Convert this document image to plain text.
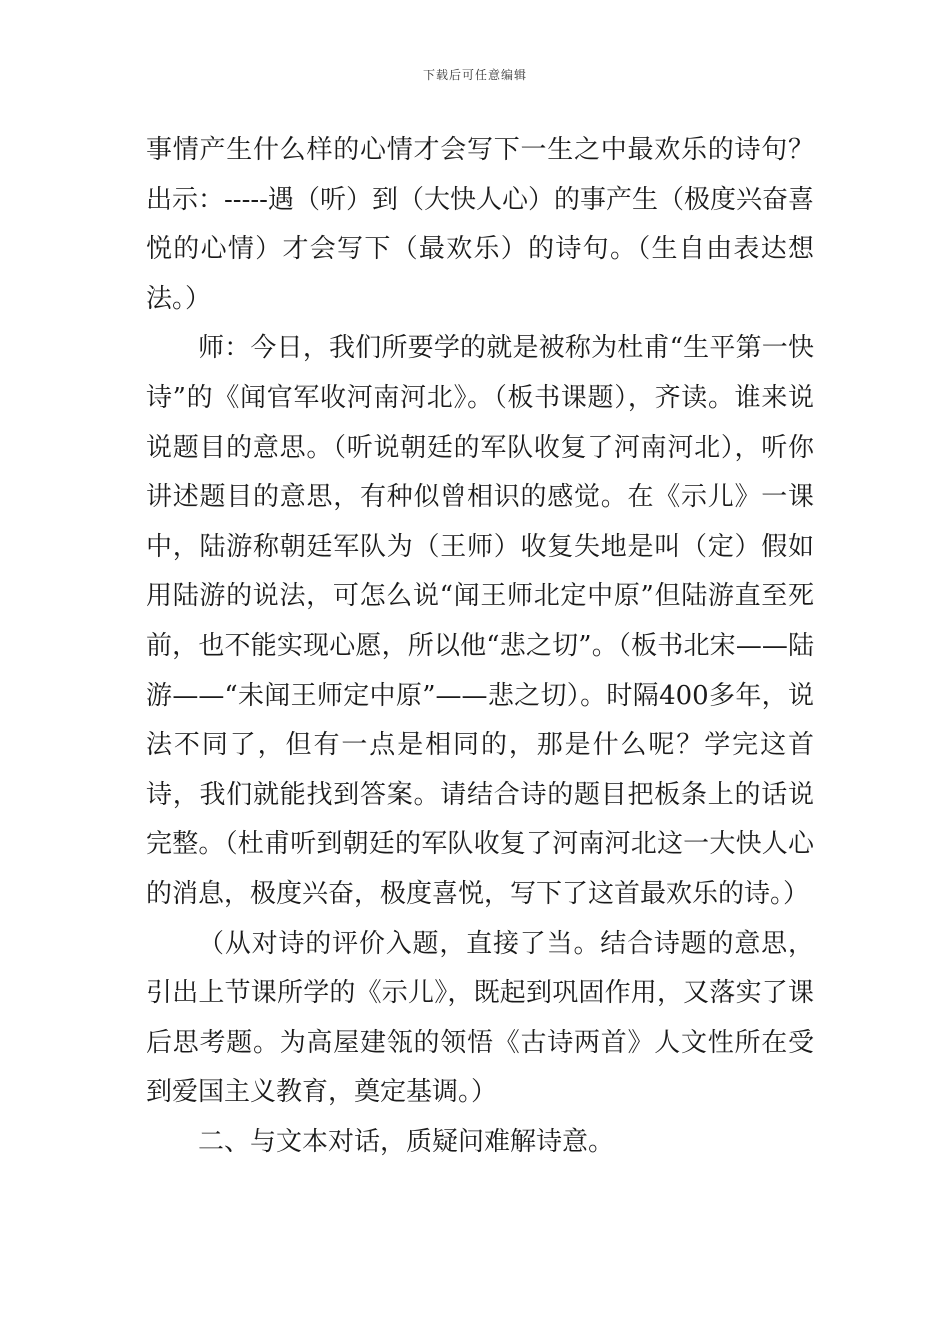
下载后可任意编辑

事情产生什么样的心情才会写下一生之中最欢乐的诗句？出示：-----遇（听）到（大快人心）的事产生（极度兴奋喜悦的心情）才会写下（最欢乐）的诗句。（生自由表达想法。）

师：今日，我们所要学的就是被称为杜甫“生平第一快诗”的《闻官军收河南河北》。（板书课题），齐读。谁来说说题目的意思。（听说朝廷的军队收复了河南河北），听你讲述题目的意思，有种似曾相识的感觉。在《示儿》一课中，陆游称朝廷军队为（王师）收复失地是叫（定）假如用陆游的说法，可怎么说“闻王师北定中原”但陆游直至死前，也不能实现心愿，所以他“悲之切”。（板书北宋——陆游——“未闻王师定中原”——悲之切）。时隔400多年，说法不同了，但有一点是相同的，那是什么呢？学完这首诗，我们就能找到答案。请结合诗的题目把板条上的话说完整。（杜甫听到朝廷的军队收复了河南河北这一大快人心的消息，极度兴奋，极度喜悦，写下了这首最欢乐的诗。）

（从对诗的评价入题，直接了当。结合诗题的意思，引出上节课所学的《示儿》，既起到巩固作用，又落实了课后思考题。为高屋建瓴的领悟《古诗两首》人文性所在受到爱国主义教育，奠定基调。）

二、与文本对话，质疑问难解诗意。
